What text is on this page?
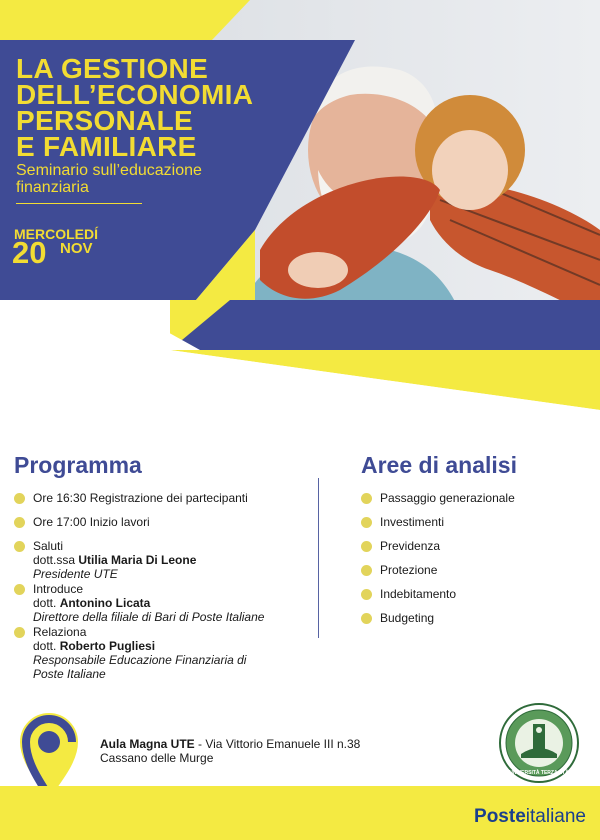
LA GESTIONE
DELL’ECONOMIA
PERSONALE
E FAMILIARE
Seminario sull’educazione
finanziaria
MERCOLEDÍ
20 NOV
Programma
Ore 16:30 Registrazione dei partecipanti
Ore 17:00 Inizio lavori
Saluti
dott.ssa Utilia Maria Di Leone
Presidente UTE
Introduce
dott. Antonino Licata
Direttore della filiale di Bari di Poste Italiane
Relaziona
dott. Roberto Pugliesi
Responsabile Educazione Finanziaria di
Poste Italiane
Aree di analisi
Passaggio generazionale
Investimenti
Previdenza
Protezione
Indebitamento
Budgeting
Aula Magna UTE - Via Vittorio Emanuele III n.38
Cassano delle Murge
UNIVERSITÀ TERZA ETÀ
Posteitaliane
